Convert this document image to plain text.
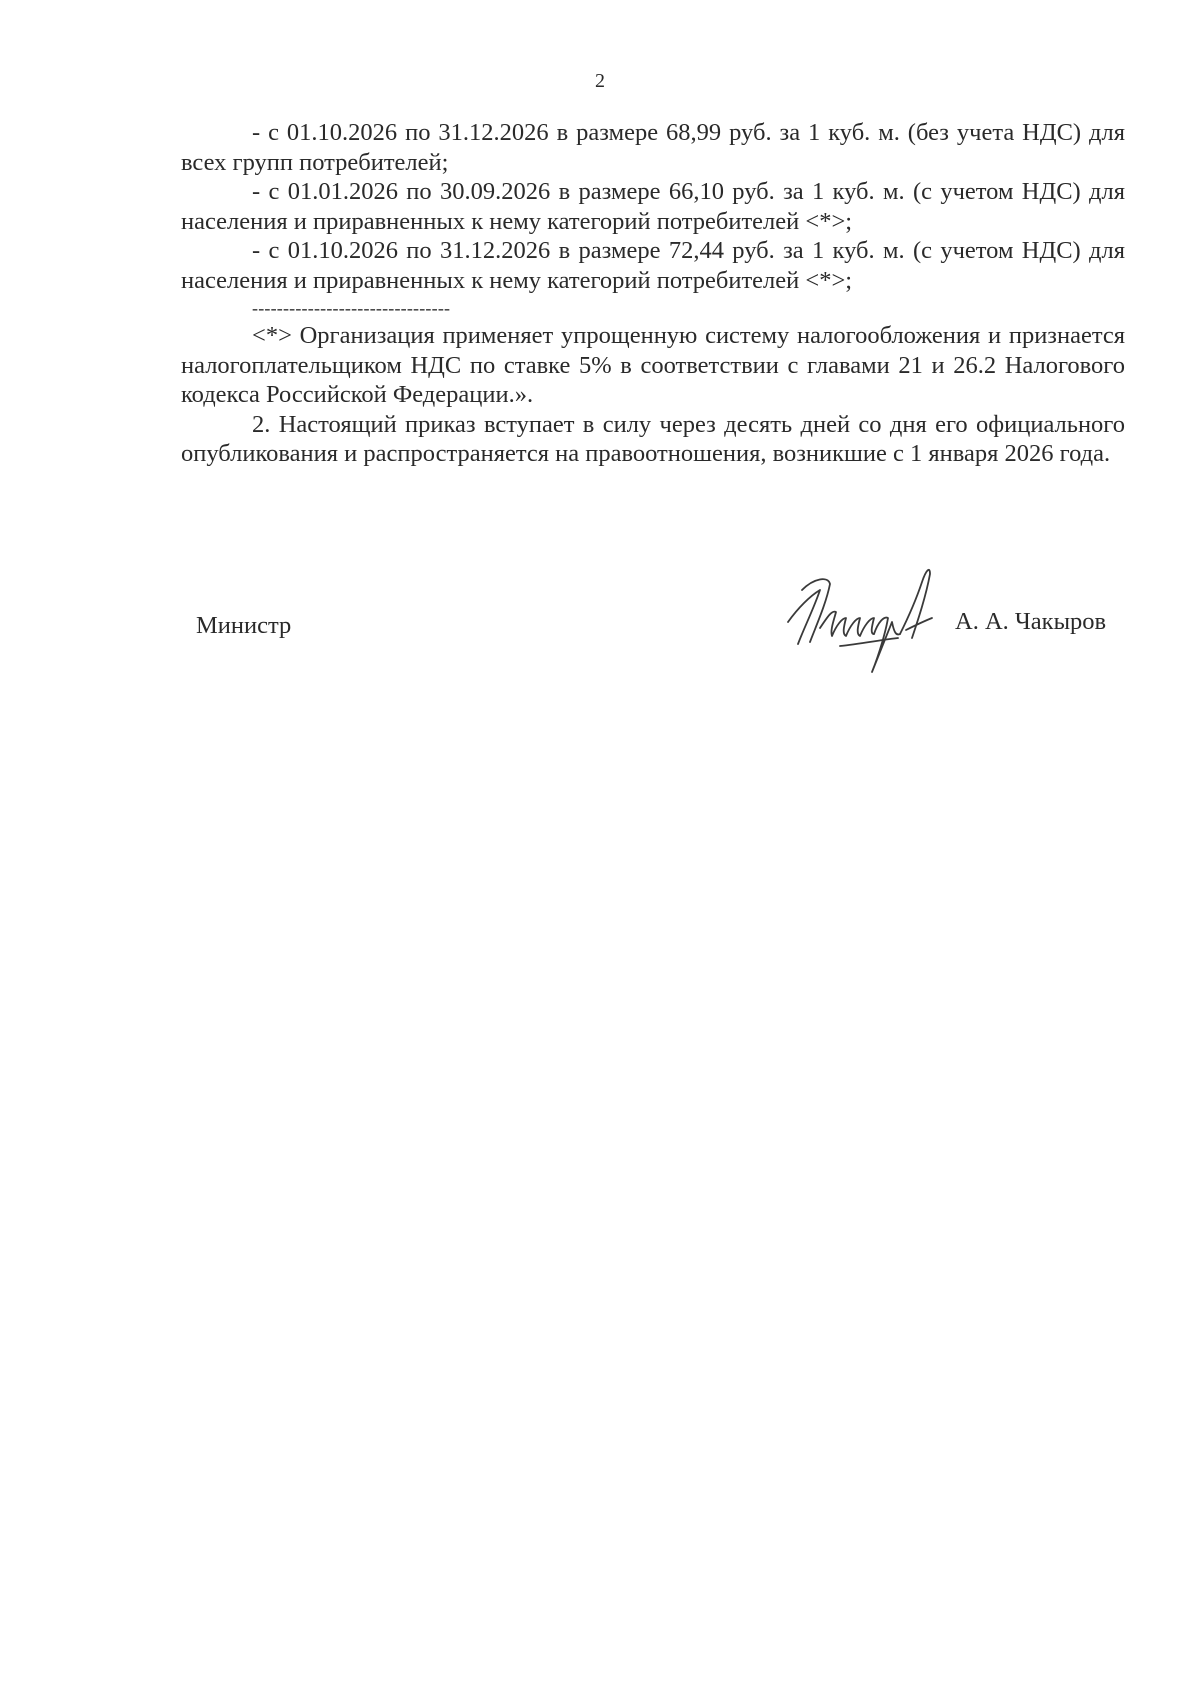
2

- с 01.10.2026 по 31.12.2026 в размере 68,99 руб. за 1 куб. м. (без учета НДС) для всех групп потребителей;

- с 01.01.2026 по 30.09.2026 в размере 66,10 руб. за 1 куб. м. (с учетом НДС) для населения и приравненных к нему категорий потребителей <*>;

- с 01.10.2026 по 31.12.2026 в размере 72,44 руб. за 1 куб. м. (с учетом НДС) для населения и приравненных к нему категорий потребителей <*>;

--------------------------------

<*> Организация применяет упрощенную систему налогообложения и признается налогоплательщиком НДС по ставке 5% в соответствии с главами 21 и 26.2 Налогового кодекса Российской Федерации.».

2. Настоящий приказ вступает в силу через десять дней со дня его официального опубликования и распространяется на правоотношения, возникшие с 1 января 2026 года.

Министр	А. А. Чакыров
